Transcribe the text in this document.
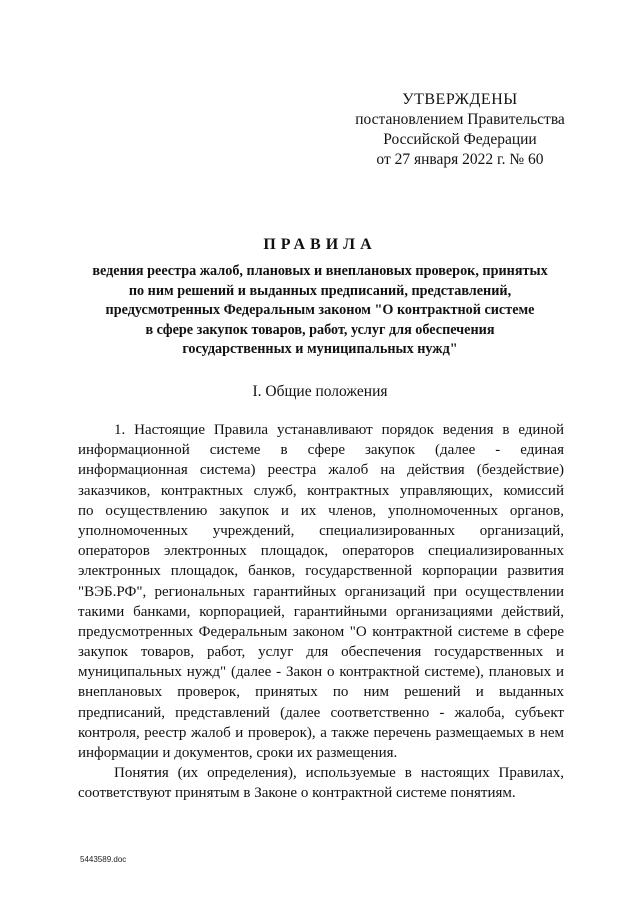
УТВЕРЖДЕНЫ
постановлением Правительства
Российской Федерации
от 27 января 2022 г. № 60
ПРАВИЛА
ведения реестра жалоб, плановых и внеплановых проверок, принятых
по ним решений и выданных предписаний, представлений,
предусмотренных Федеральным законом "О контрактной системе
в сфере закупок товаров, работ, услуг для обеспечения
государственных и муниципальных нужд"
I. Общие положения
1. Настоящие Правила устанавливают порядок ведения в единой
информационной системе в сфере закупок (далее - единая
информационная система) реестра жалоб на действия (бездействие)
заказчиков, контрактных служб, контрактных управляющих, комиссий
по осуществлению закупок и их членов, уполномоченных органов,
уполномоченных учреждений, специализированных организаций,
операторов электронных площадок, операторов специализированных
электронных площадок, банков, государственной корпорации развития
"ВЭБ.РФ", региональных гарантийных организаций при осуществлении
такими банками, корпорацией, гарантийными организациями действий,
предусмотренных Федеральным законом "О контрактной системе в сфере
закупок товаров, работ, услуг для обеспечения государственных и
муниципальных нужд" (далее - Закон о контрактной системе), плановых и
внеплановых проверок, принятых по ним решений и выданных
предписаний, представлений (далее соответственно - жалоба, субъект
контроля, реестр жалоб и проверок), а также перечень размещаемых в нем
информации и документов, сроки их размещения.
Понятия (их определения), используемые в настоящих Правилах,
соответствуют принятым в Законе о контрактной системе понятиям.
5443589.doc
